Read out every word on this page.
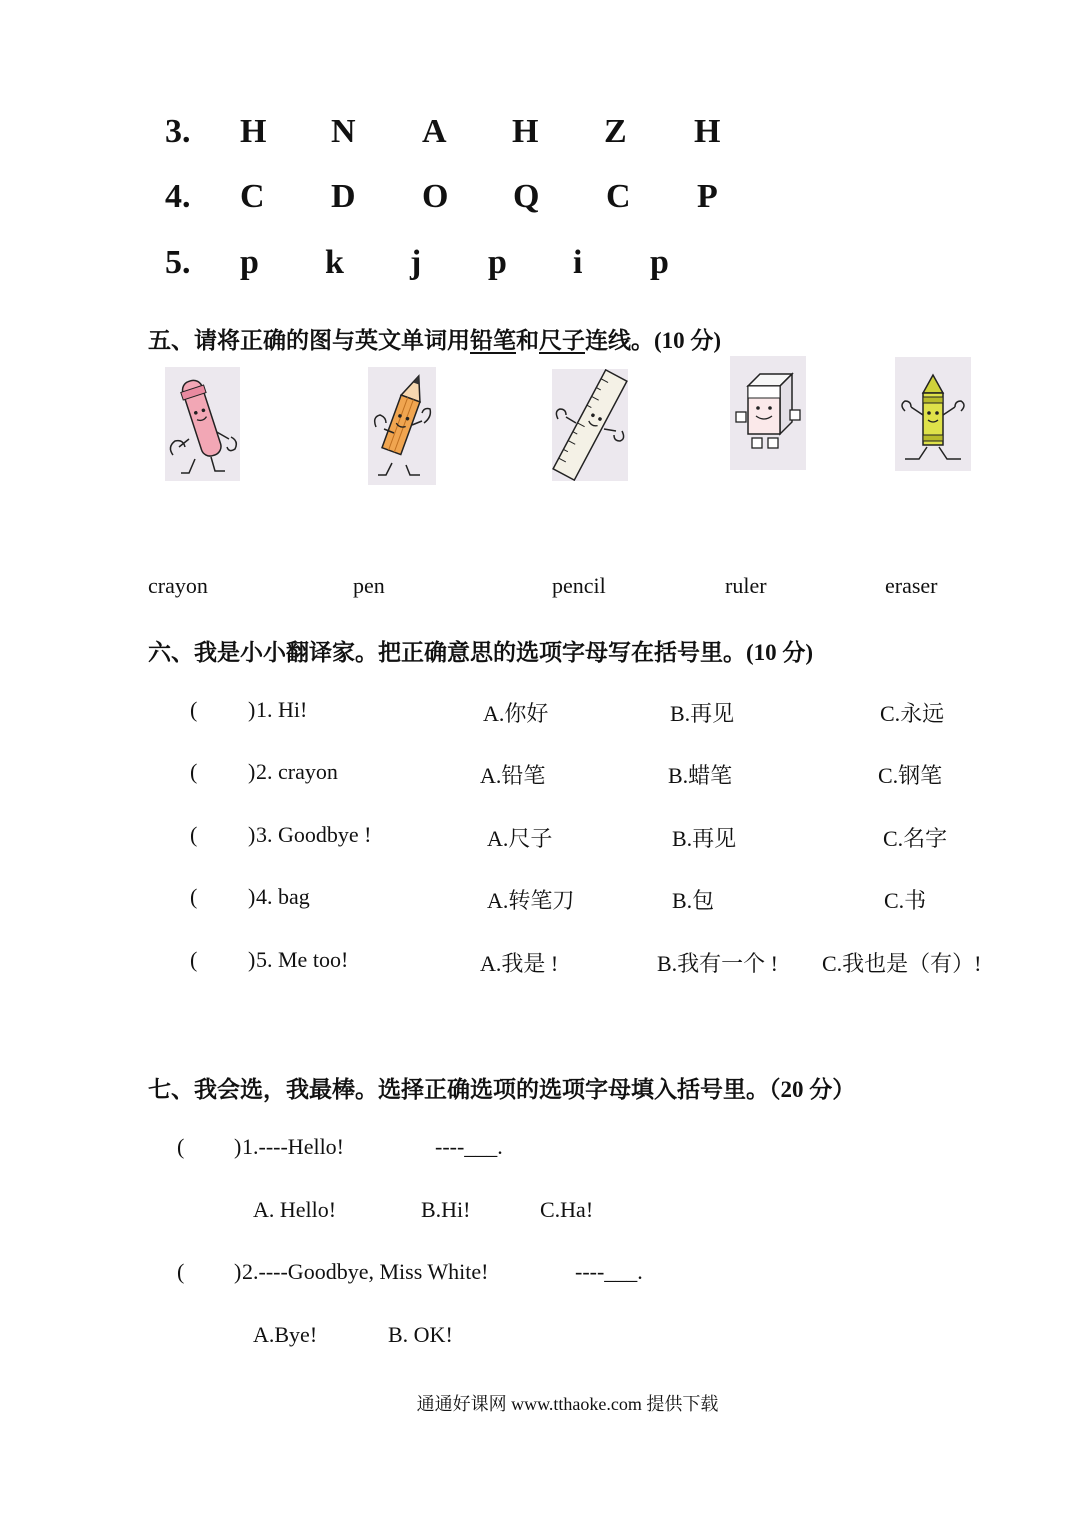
3. H N A H Z H
4. C D O Q C P
5. p k j p i p
五、请将正确的图与英文单词用铅笔和尺子连线。(10 分)
crayon	pen	pencil	ruler	eraser
六、我是小小翻译家。把正确意思的选项字母写在括号里。(10 分)
( ) 1. Hi!	A.你好	B.再见	C.永远
( ) 2. crayon	A.铅笔	B.蜡笔	C.钢笔
( ) 3. Goodbye !	A.尺子	B.再见	C.名字
( ) 4. bag	A.转笔刀	B.包	C.书
( ) 5. Me too!	A.我是 !	B.我有一个 ! C.我也是（有）!
七、我会选，我最棒。选择正确选项的选项字母填入括号里。（20 分）
( ) 1.----Hello!	----___.
A. Hello!	B.Hi!	C.Ha!
( ) 2.----Goodbye, Miss White!	----___.
A.Bye!	B. OK!
通通好课网 www.tthaoke.com 提供下载
